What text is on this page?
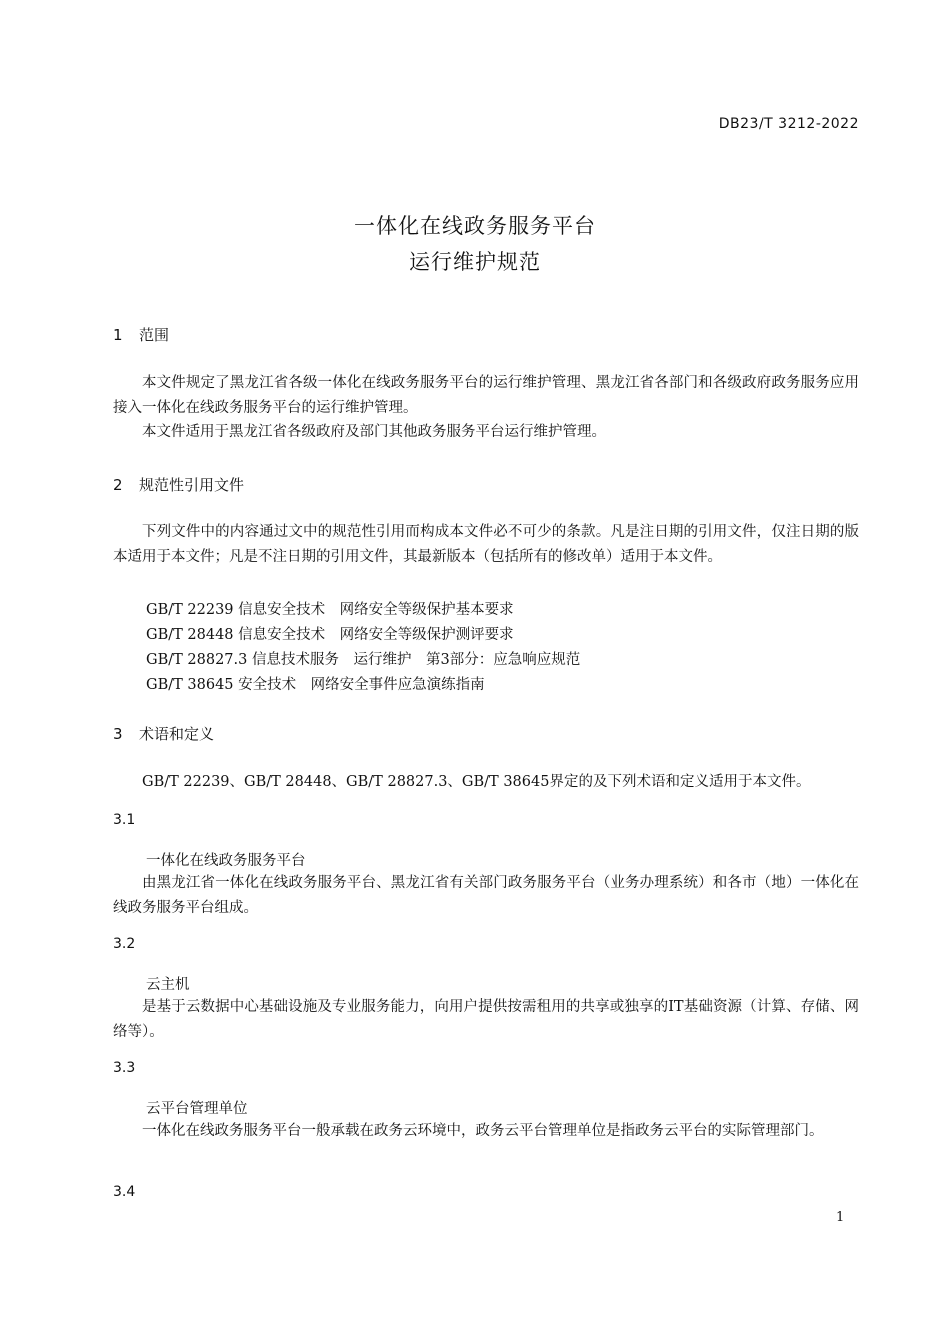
DB23/T 3212-2022
一体化在线政务服务平台
运行维护规范
1 范围
本文件规定了黑龙江省各级一体化在线政务服务平台的运行维护管理、黑龙江省各部门和各级政府政务服务应用接入一体化在线政务服务平台的运行维护管理。
本文件适用于黑龙江省各级政府及部门其他政务服务平台运行维护管理。
2 规范性引用文件
下列文件中的内容通过文中的规范性引用而构成本文件必不可少的条款。凡是注日期的引用文件，仅注日期的版本适用于本文件；凡是不注日期的引用文件，其最新版本（包括所有的修改单）适用于本文件。
GB/T 22239 信息安全技术　网络安全等级保护基本要求
GB/T 28448 信息安全技术　网络安全等级保护测评要求
GB/T 28827.3 信息技术服务　运行维护　第3部分：应急响应规范
GB/T 38645 安全技术　网络安全事件应急演练指南
3 术语和定义
GB/T 22239、GB/T 28448、GB/T 28827.3、GB/T 38645界定的及下列术语和定义适用于本文件。
3.1
一体化在线政务服务平台
由黑龙江省一体化在线政务服务平台、黑龙江省有关部门政务服务平台（业务办理系统）和各市（地）一体化在线政务服务平台组成。
3.2
云主机
是基于云数据中心基础设施及专业服务能力，向用户提供按需租用的共享或独享的IT基础资源（计算、存储、网络等）。
3.3
云平台管理单位
一体化在线政务服务平台一般承载在政务云环境中，政务云平台管理单位是指政务云平台的实际管理部门。
3.4
1
